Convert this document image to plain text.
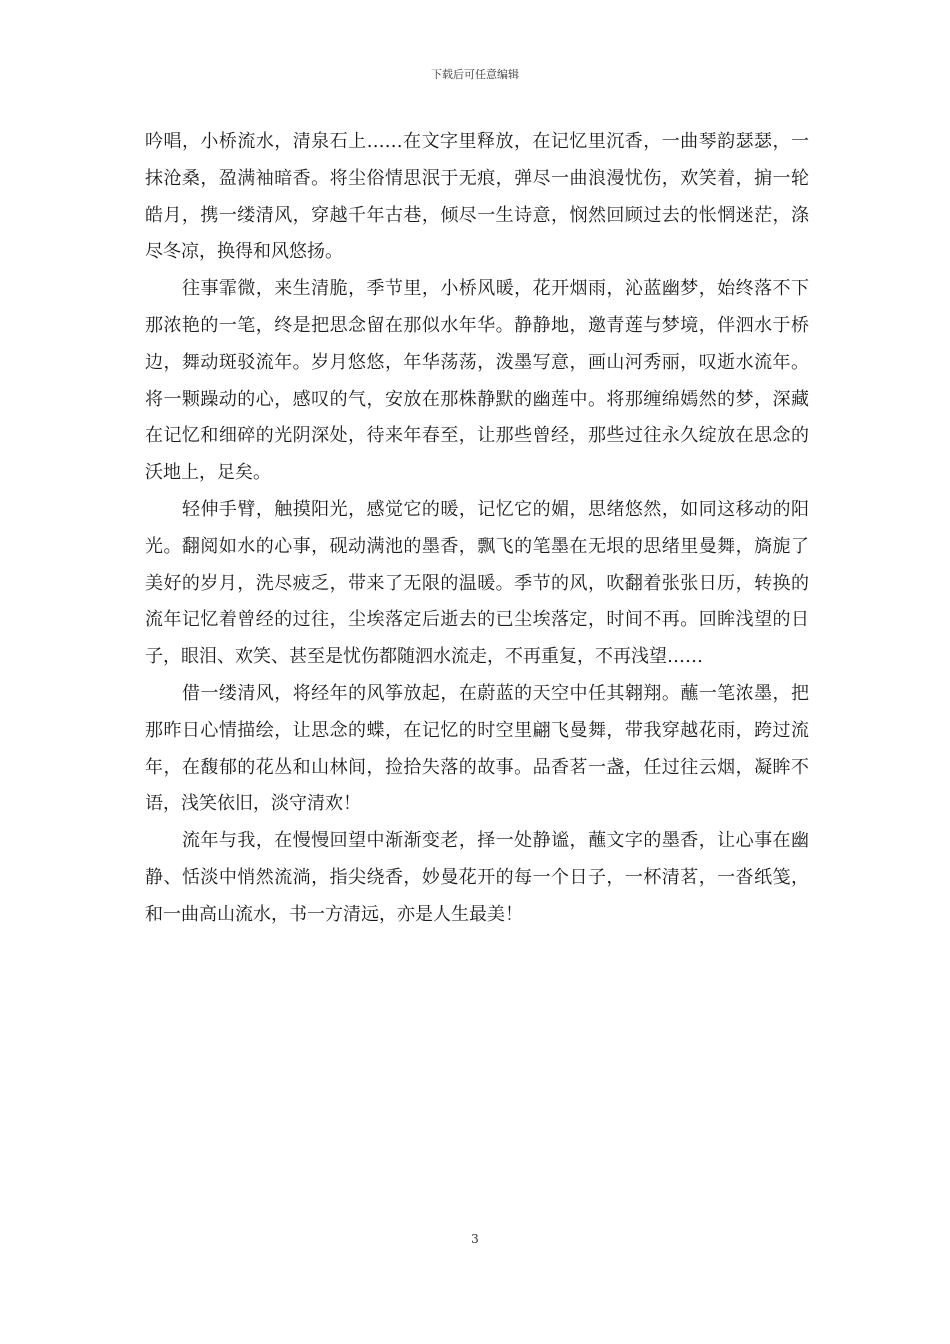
下载后可任意编辑

吟唱，小桥流水，清泉石上……在文字里释放，在记忆里沉香，一曲琴韵瑟瑟，一抹沧桑，盈满袖暗香。将尘俗情思泯于无痕，弹尽一曲浪漫忧伤，欢笑着，掮一轮皓月，携一缕清风，穿越千年古巷，倾尽一生诗意，悯然回顾过去的怅惘迷茫，涤尽冬凉，换得和风悠扬。

往事霏微，来生清脆，季节里，小桥风暖，花开烟雨，沁蓝幽梦，始终落不下那浓艳的一笔，终是把思念留在那似水年华。静静地，邀青莲与梦境，伴泗水于桥边，舞动斑驳流年。岁月悠悠，年华荡荡，泼墨写意，画山河秀丽，叹逝水流年。将一颗躁动的心，感叹的气，安放在那株静默的幽莲中。将那缠绵嫣然的梦，深藏在记忆和细碎的光阴深处，待来年春至，让那些曾经，那些过往永久绽放在思念的沃地上，足矣。

轻伸手臂，触摸阳光，感觉它的暖，记忆它的媚，思绪悠然，如同这移动的阳光。翻阅如水的心事，砚动满池的墨香，飘飞的笔墨在无垠的思绪里曼舞，旖旎了美好的岁月，洗尽疲乏，带来了无限的温暖。季节的风，吹翻着张张日历，转换的流年记忆着曾经的过往，尘埃落定后逝去的已尘埃落定，时间不再。回眸浅望的日子，眼泪、欢笑、甚至是忧伤都随泗水流走，不再重复，不再浅望……

借一缕清风，将经年的风筝放起，在蔚蓝的天空中任其翱翔。蘸一笔浓墨，把那昨日心情描绘，让思念的蝶，在记忆的时空里翩飞曼舞，带我穿越花雨，跨过流年，在馥郁的花丛和山林间，捡拾失落的故事。品香茗一盏，任过往云烟，凝眸不语，浅笑依旧，淡守清欢！

流年与我，在慢慢回望中渐渐变老，择一处静谧，蘸文字的墨香，让心事在幽静、恬淡中悄然流淌，指尖绕香，妙曼花开的每一个日子，一杯清茗，一沓纸笺，和一曲高山流水，书一方清远，亦是人生最美！

3
